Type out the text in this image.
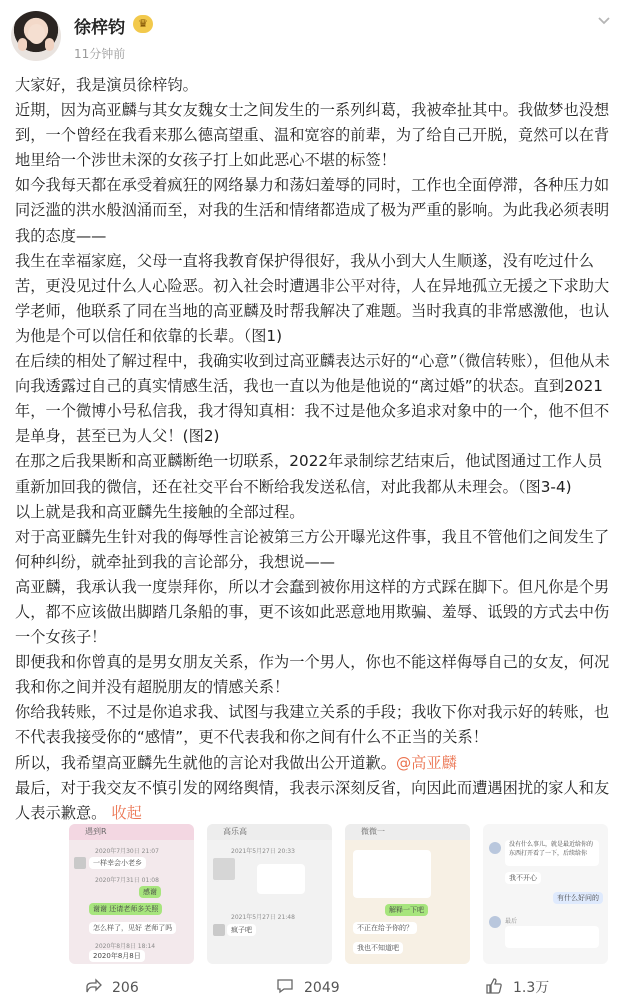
徐梓钧	♛
11分钟前

大家好，我是演员徐梓钧。

近期，因为高亚麟与其女友魏女士之间发生的一系列纠葛，我被牵扯其中。我做梦也没想到，一个曾经在我看来那么德高望重、温和宽容的前辈，为了给自己开脱，竟然可以在背地里给一个涉世未深的女孩子打上如此恶心不堪的标签！

如今我每天都在承受着疯狂的网络暴力和荡妇羞辱的同时，工作也全面停滞，各种压力如同泛滥的洪水般汹涌而至，对我的生活和情绪都造成了极为严重的影响。为此我必须表明我的态度——

我生在幸福家庭，父母一直将我教育保护得很好，我从小到大人生顺遂，没有吃过什么苦，更没见过什么人心险恶。初入社会时遭遇非公平对待，人在异地孤立无援之下求助大学老师，他联系了同在当地的高亚麟及时帮我解决了难题。当时我真的非常感激他，也认为他是个可以信任和依靠的长辈。（图1)

在后续的相处了解过程中，我确实收到过高亚麟表达示好的“心意”（微信转账），但他从未向我透露过自己的真实情感生活，我也一直以为他是他说的“离过婚”的状态。直到2021年，一个微博小号私信我，我才得知真相：我不过是他众多追求对象中的一个，他不但不是单身，甚至已为人父！(图2)

在那之后我果断和高亚麟断绝一切联系，2022年录制综艺结束后，他试图通过工作人员重新加回我的微信，还在社交平台不断给我发送私信，对此我都从未理会。（图3-4)

以上就是我和高亚麟先生接触的全部过程。

对于高亚麟先生针对我的侮辱性言论被第三方公开曝光这件事，我且不管他们之间发生了何种纠纷，就牵扯到我的言论部分，我想说——

高亚麟，我承认我一度崇拜你，所以才会蠢到被你用这样的方式踩在脚下。但凡你是个男人，都不应该做出脚踏几条船的事，更不该如此恶意地用欺骗、羞辱、诋毁的方式去中伤一个女孩子！

即便我和你曾真的是男女朋友关系，作为一个男人，你也不能这样侮辱自己的女友，何况我和你之间并没有超脱朋友的情感关系！

你给我转账，不过是你追求我、试图与我建立关系的手段；我收下你对我示好的转账，也不代表我接受你的“感情”，更不代表我和你之间有什么不正当的关系！

所以，我希望高亚麟先生就他的言论对我做出公开道歉。@高亚麟

最后，对于我交友不慎引发的网络舆情，我表示深刻反省，向因此而遭遇困扰的家人和友人表示歉意。 收起

遇到R
2020年7月30日 21:07
一样幸会小老乡
2020年7月31日 01:08
感谢
谢谢 还请老师多关照
怎么样了，见好 老师了吗
2020年8月8日 18:14
2020年8月8日
高乐高
2021年5月27日 20:33
2021年5月27日 21:48
疯子吧
微微一
解释一下吧
不正在给予你的？
我也不知道吧
没有什么事儿，就是最近给你的东西打开看了一下，后续给你
我不开心
有什么好问的
最后
206	2049	1.3万
